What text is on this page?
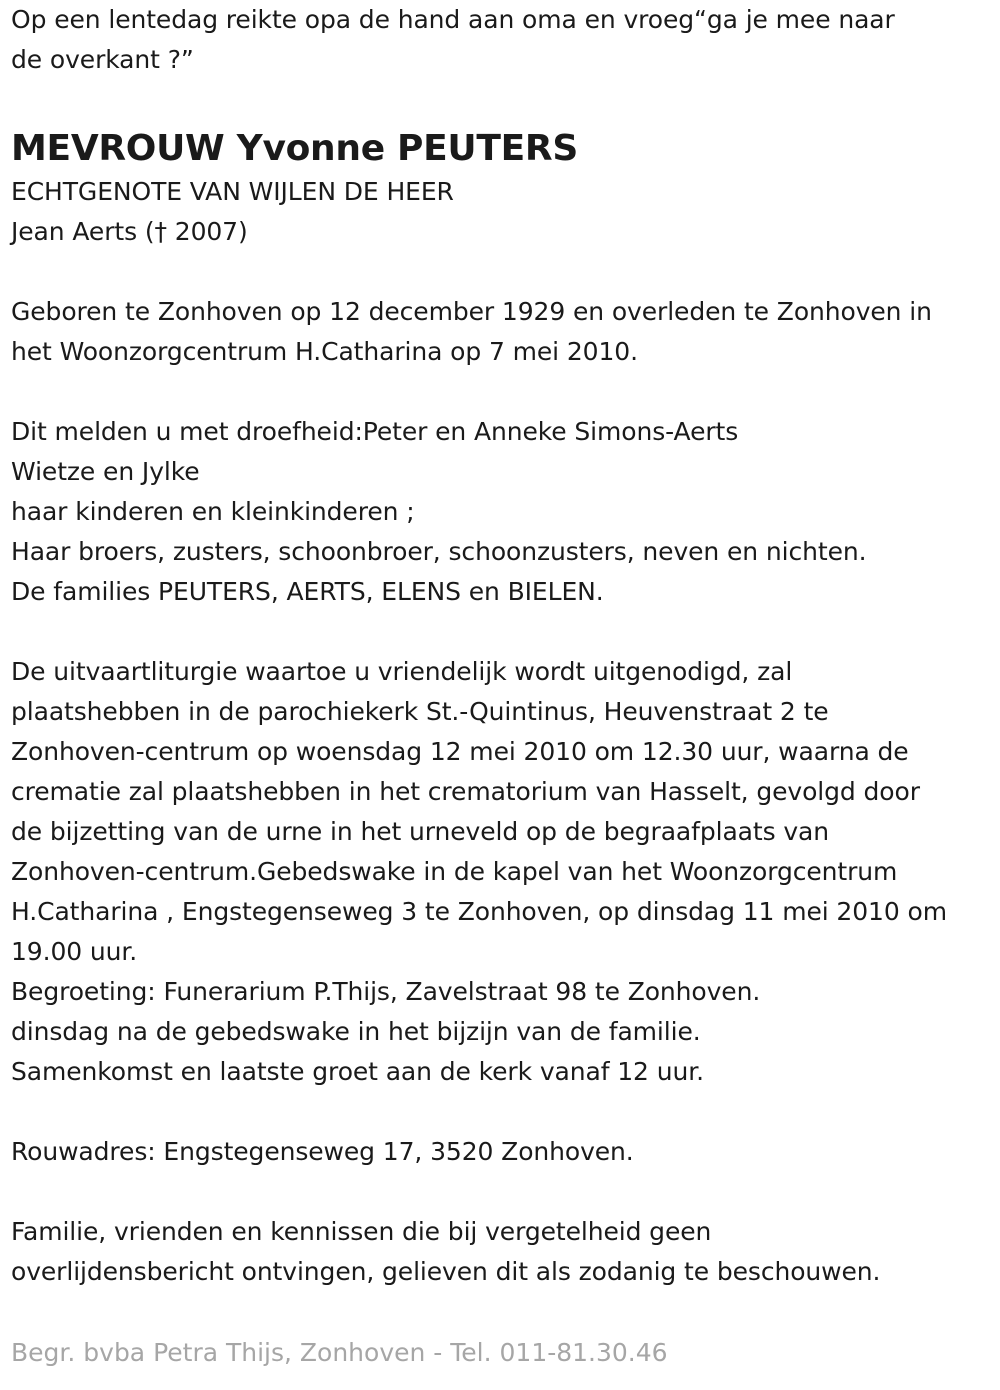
Op een lentedag reikte opa de hand aan oma en vroeg“ga je mee naar
de overkant ?”
MEVROUW Yvonne PEUTERS
ECHTGENOTE VAN WIJLEN DE HEER
Jean Aerts († 2007)
Geboren te Zonhoven op 12 december 1929 en overleden te Zonhoven in
het Woonzorgcentrum H.Catharina op 7 mei 2010.
Dit melden u met droefheid:Peter en Anneke Simons-Aerts
Wietze en Jylke
haar kinderen en kleinkinderen ;
Haar broers, zusters, schoonbroer, schoonzusters, neven en nichten.
De families PEUTERS, AERTS, ELENS en BIELEN.
De uitvaartliturgie waartoe u vriendelijk wordt uitgenodigd, zal
plaatshebben in de parochiekerk St.-Quintinus, Heuvenstraat 2 te
Zonhoven-centrum op woensdag 12 mei 2010 om 12.30 uur, waarna de
crematie zal plaatshebben in het crematorium van Hasselt, gevolgd door
de bijzetting van de urne in het urneveld op de begraafplaats van
Zonhoven-centrum.Gebedswake in de kapel van het Woonzorgcentrum
H.Catharina , Engstegenseweg 3 te Zonhoven, op dinsdag 11 mei 2010 om
19.00 uur.
Begroeting: Funerarium P.Thijs, Zavelstraat 98 te Zonhoven.
dinsdag na de gebedswake in het bijzijn van de familie.
Samenkomst en laatste groet aan de kerk vanaf 12 uur.
Rouwadres: Engstegenseweg 17, 3520 Zonhoven.
Familie, vrienden en kennissen die bij vergetelheid geen
overlijdensbericht ontvingen, gelieven dit als zodanig te beschouwen.
Begr. bvba Petra Thijs, Zonhoven - Tel. 011-81.30.46
